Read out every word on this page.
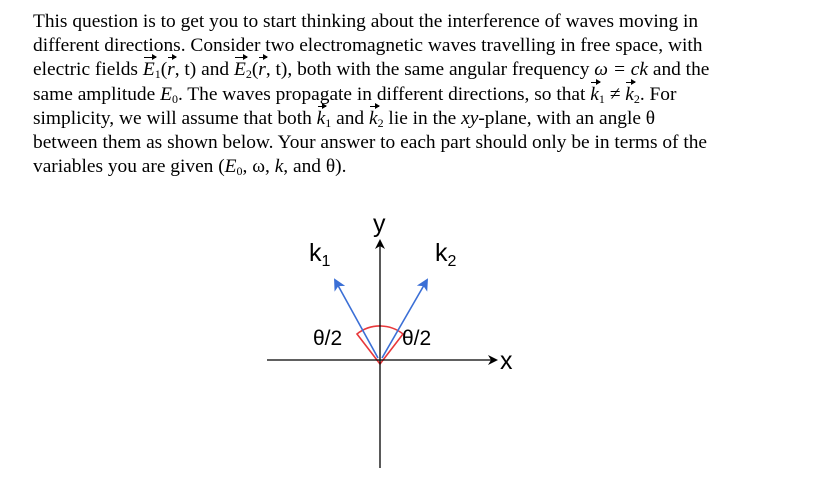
This question is to get you to start thinking about the interference of waves moving in
different directions. Consider two electromagnetic waves travelling in free space, with
electric fields $E_1(r$, t) and $E_2(r$, t), both with the same angular frequency ω = ck and the
same amplitude $E_0$. The waves propagate in different directions, so that $k_1 \ne k_2$. For
simplicity, we will assume that both $k_1$ and $k_2$ lie in the xy-plane, with an angle θ
between them as shown below. Your answer to each part should only be in terms of the
variables you are given ($E_0$, ω, k, and θ).
y
x
$k_1$	$k_2$
θ/2	θ/2
